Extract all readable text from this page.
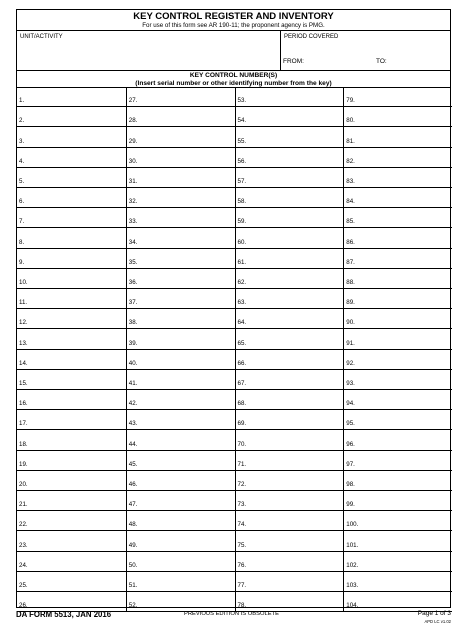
KEY CONTROL REGISTER AND INVENTORY
For use of this form see AR 190-11; the proponent agency is PMG.
UNIT/ACTIVITY	PERIOD COVERED
FROM:	TO:
KEY CONTROL NUMBER(S)
(Insert serial number or other identifying number from the key)
1.	27.	53.	79.
2.	28.	54.	80.
3.	29.	55.	81.
4.	30.	56.	82.
5.	31.	57.	83.
6.	32.	58.	84.
7.	33.	59.	85.
8.	34.	60.	86.
9.	35.	61.	87.
10.	36.	62.	88.
11.	37.	63.	89.
12.	38.	64.	90.
13.	39.	65.	91.
14.	40.	66.	92.
15.	41.	67.	93.
16.	42.	68.	94.
17.	43.	69.	95.
18.	44.	70.	96.
19.	45.	71.	97.
20.	46.	72.	98.
21.	47.	73.	99.
22.	48.	74.	100.
23.	49.	75.	101.
24.	50.	76.	102.
25.	51.	77.	103.
26.	52.	78.	104.
DA FORM 5513, JAN 2016	PREVIOUS EDITION IS OBSOLETE	Page 1 of 3
APD LC v1.02
